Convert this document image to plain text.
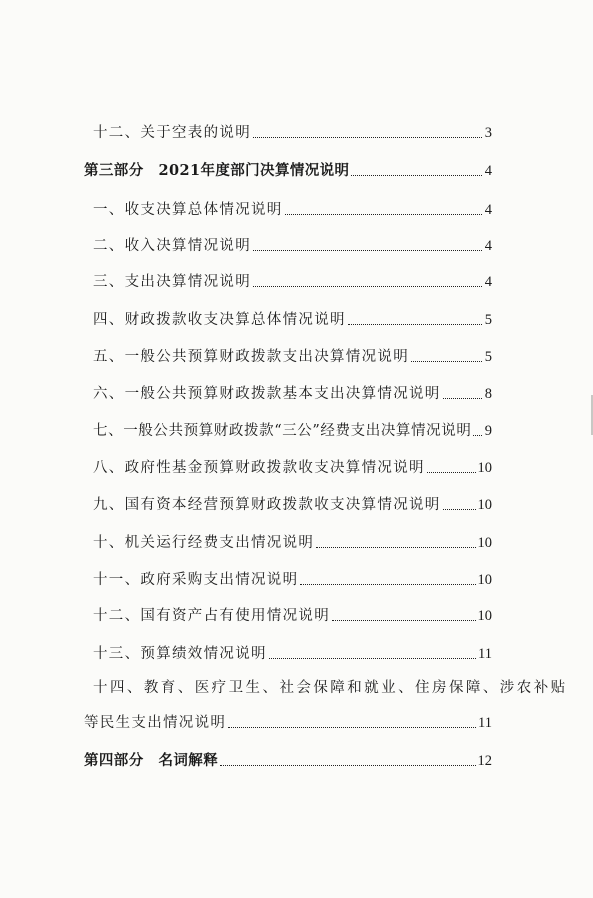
十二、关于空表的说明	3
第三部分　2021年度部门决算情况说明	4
一、收支决算总体情况说明	4
二、收入决算情况说明	4
三、支出决算情况说明	4
四、财政拨款收支决算总体情况说明	5
五、一般公共预算财政拨款支出决算情况说明	5
六、一般公共预算财政拨款基本支出决算情况说明	8
七、一般公共预算财政拨款“三公”经费支出决算情况说明 9
八、政府性基金预算财政拨款收支决算情况说明	10
九、国有资本经营预算财政拨款收支决算情况说明	10
十、机关运行经费支出情况说明	10
十一、政府采购支出情况说明	10
十二、国有资产占有使用情况说明	10
十三、预算绩效情况说明	11
十四、教育、医疗卫生、社会保障和就业、住房保障、涉农补贴
等民生支出情况说明	11
第四部分　名词解释	12
